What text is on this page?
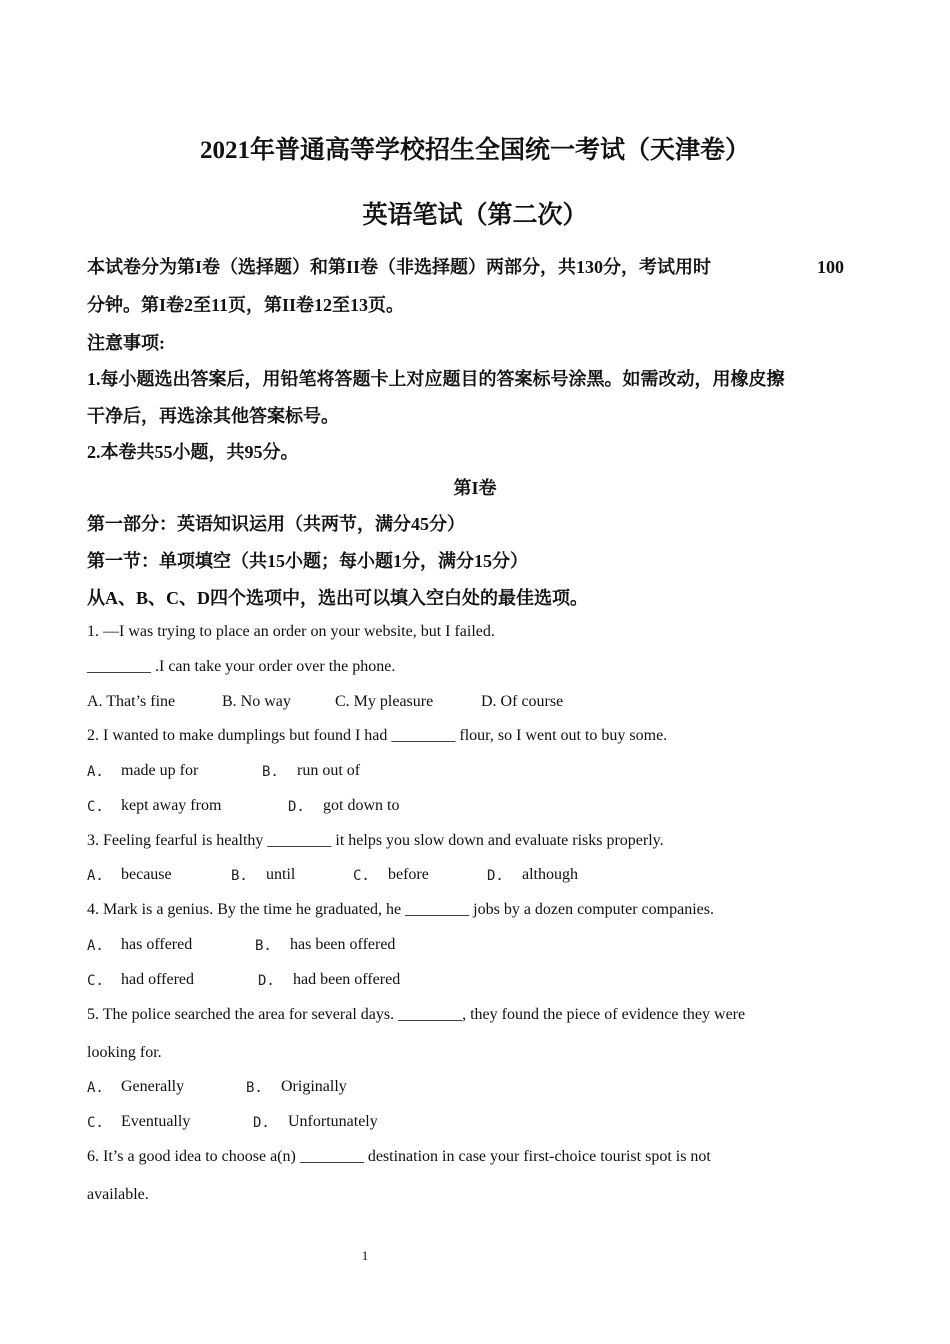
2021年普通高等学校招生全国统一考试（天津卷）
英语笔试（第二次）
本试卷分为第I卷（选择题）和第II卷（非选择题）两部分，共130分，考试用时	100
分钟。第I卷2至11页，第II卷12至13页。
注意事项:
1.每小题选出答案后，用铅笔将答题卡上对应题目的答案标号涂黑。如需改动，用橡皮擦
干净后，再选涂其他答案标号。
2.本卷共55小题，共95分。
第I卷
第一部分：英语知识运用（共两节，满分45分）
第一节：单项填空（共15小题；每小题1分，满分15分）
从A、B、C、D四个选项中，选出可以填入空白处的最佳选项。
1. —I was trying to place an order on your website, but I failed.
________ .I can take your order over the phone.
A. That’s fine	B. No way	C. My pleasure	D. Of course
2. I wanted to make dumplings but found I had ________ flour, so I went out to buy some.
A. made up for	B. run out of
C. kept away from	D. got down to
3. Feeling fearful is healthy ________ it helps you slow down and evaluate risks properly.
A. because	B. until	C. before	D. although
4. Mark is a genius. By the time he graduated, he ________ jobs by a dozen computer companies.
A. has offered	B. has been offered
C. had offered	D. had been offered
5. The police searched the area for several days. ________, they found the piece of evidence they were
looking for.
A. Generally	B. Originally
C. Eventually	D. Unfortunately
6. It’s a good idea to choose a(n) ________ destination in case your first-choice tourist spot is not
available.
1
